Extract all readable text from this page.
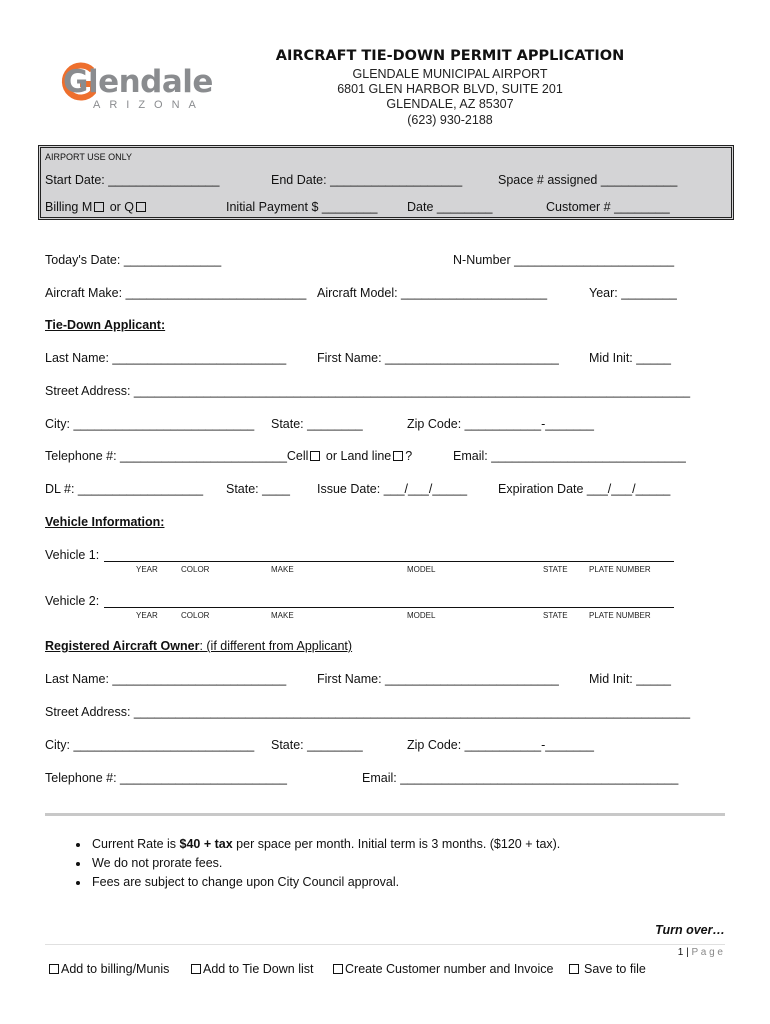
Glendale
ARIZONA
AIRCRAFT TIE-DOWN PERMIT APPLICATION
GLENDALE MUNICIPAL AIRPORT
6801 GLEN HARBOR BLVD, SUITE 201
GLENDALE, AZ 85307
(623) 930-2188
AIRPORT USE ONLY
Start Date: ________________	End Date: ___________________	Space # assigned ___________
Billing M or Q	Initial Payment $ ________ Date ________	Customer # ________
Today's Date: ______________	N-Number _______________________
Aircraft Make: __________________________ Aircraft Model: _____________________	Year: ________
Tie-Down Applicant:
Last Name: _________________________ First Name: _________________________ Mid Init: _____
Street Address: ________________________________________________________________________________
City: __________________________ State: ________	Zip Code: ___________-_______
Telephone #: ________________________Cell or Land line ?	Email: ____________________________
DL #: __________________ State: ____ Issue Date: ___/___/_____ Expiration Date ___/___/_____
Vehicle Information:
Vehicle 1:
YEAR	COLOR	MAKE	MODEL	STATE	PLATE NUMBER
Vehicle 2:
YEAR	COLOR	MAKE	MODEL	STATE	PLATE NUMBER
Registered Aircraft Owner: (if different from Applicant)
Last Name: _________________________ First Name: _________________________ Mid Init: _____
Street Address: ________________________________________________________________________________
City: __________________________ State: ________	Zip Code: ___________-_______
Telephone #: ________________________	Email: ________________________________________
• Current Rate is $40 + tax per space per month. Initial term is 3 months. ($120 + tax).
• We do not prorate fees.
• Fees are subject to change upon City Council approval.
Turn over…
1 | P a g e
Add to billing/Munis	Add to Tie Down list	Create Customer number and Invoice	Save to file
